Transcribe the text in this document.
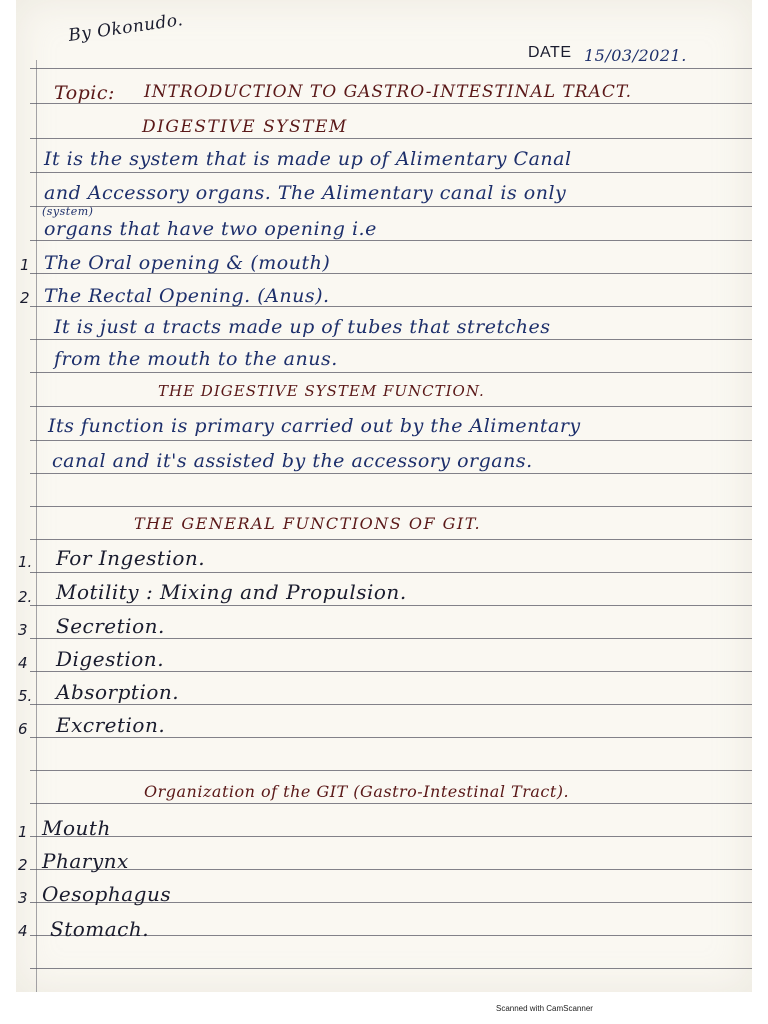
By Okonudo.
DATE 15/03/2021.
Topic: INTRODUCTION TO GASTRO-INTESTINAL TRACT.
DIGESTIVE SYSTEM
It is the system that is made up of Alimentary Canal
and Accessory organs. The Alimentary canal is only
(system)
organs that have two opening i.e
1 The Oral opening & (mouth)
2 The Rectal Opening. (Anus).
It is just a tracts made up of tubes that stretches
from the mouth to the anus.
THE DIGESTIVE SYSTEM FUNCTION.
Its function is primary carried out by the Alimentary
canal and it's assisted by the accessory organs.
THE GENERAL FUNCTIONS OF GIT.
1. For Ingestion.
2. Motility : Mixing and Propulsion.
3 Secretion.
4 Digestion.
5. Absorption.
6 Excretion.
Organization of the GIT (Gastro-Intestinal Tract).
1 Mouth
2 Pharynx
3 Oesophagus
4 Stomach.
Scanned with CamScanner
